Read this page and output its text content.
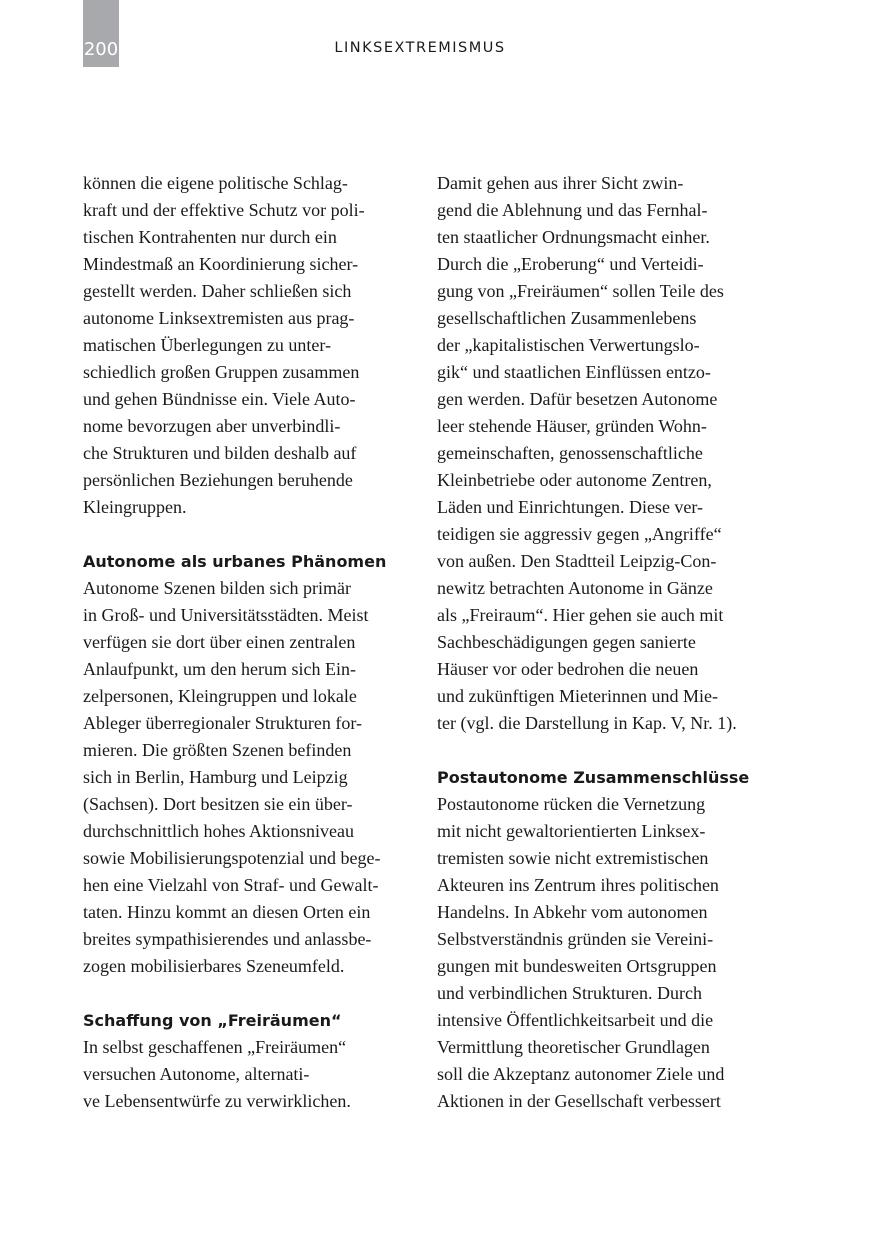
200	LINKSEXTREMISMUS
können die eigene politische Schlag-
kraft und der effektive Schutz vor poli-
tischen Kontrahenten nur durch ein
Mindestmaß an Koordinierung sicher-
gestellt werden. Daher schließen sich
autonome Linksextremisten aus prag-
matischen Überlegungen zu unter-
schiedlich großen Gruppen zusammen
und gehen Bündnisse ein. Viele Auto-
nome bevorzugen aber unverbindli-
che Strukturen und bilden deshalb auf
persönlichen Beziehungen beruhende
Kleingruppen.
Autonome als urbanes Phänomen
Autonome Szenen bilden sich primär
in Groß- und Universitätsstädten. Meist
verfügen sie dort über einen zentralen
Anlaufpunkt, um den herum sich Ein-
zelpersonen, Kleingruppen und lokale
Ableger überregionaler Strukturen for-
mieren. Die größten Szenen befinden
sich in Berlin, Hamburg und Leipzig
(Sachsen). Dort besitzen sie ein über-
durchschnittlich hohes Aktionsniveau
sowie Mobilisierungspotenzial und bege-
hen eine Vielzahl von Straf- und Gewalt-
taten. Hinzu kommt an diesen Orten ein
breites sympathisierendes und anlassbe-
zogen mobilisierbares Szeneumfeld.
Schaffung von „Freiräumen“
In selbst geschaffenen „Freiräumen“
versuchen Autonome, alternati-
ve Lebensentwürfe zu verwirklichen.
Damit gehen aus ihrer Sicht zwin-
gend die Ablehnung und das Fernhal-
ten staatlicher Ordnungsmacht einher.
Durch die „Eroberung“ und Verteidi-
gung von „Freiräumen“ sollen Teile des
gesellschaftlichen Zusammenlebens
der „kapitalistischen Verwertungslo-
gik“ und staatlichen Einflüssen entzo-
gen werden. Dafür besetzen Autonome
leer stehende Häuser, gründen Wohn-
gemeinschaften, genossenschaftliche
Kleinbetriebe oder autonome Zentren,
Läden und Einrichtungen. Diese ver-
teidigen sie aggressiv gegen „Angriffe“
von außen. Den Stadtteil Leipzig-Con-
newitz betrachten Autonome in Gänze
als „Freiraum“. Hier gehen sie auch mit
Sachbeschädigungen gegen sanierte
Häuser vor oder bedrohen die neuen
und zukünftigen Mieterinnen und Mie-
ter (vgl. die Darstellung in Kap. V, Nr. 1).
Postautonome Zusammenschlüsse
Postautonome rücken die Vernetzung
mit nicht gewaltorientierten Linksex-
tremisten sowie nicht extremistischen
Akteuren ins Zentrum ihres politischen
Handelns. In Abkehr vom autonomen
Selbstverständnis gründen sie Vereini-
gungen mit bundesweiten Ortsgruppen
und verbindlichen Strukturen. Durch
intensive Öffentlichkeitsarbeit und die
Vermittlung theoretischer Grundlagen
soll die Akzeptanz autonomer Ziele und
Aktionen in der Gesellschaft verbessert
